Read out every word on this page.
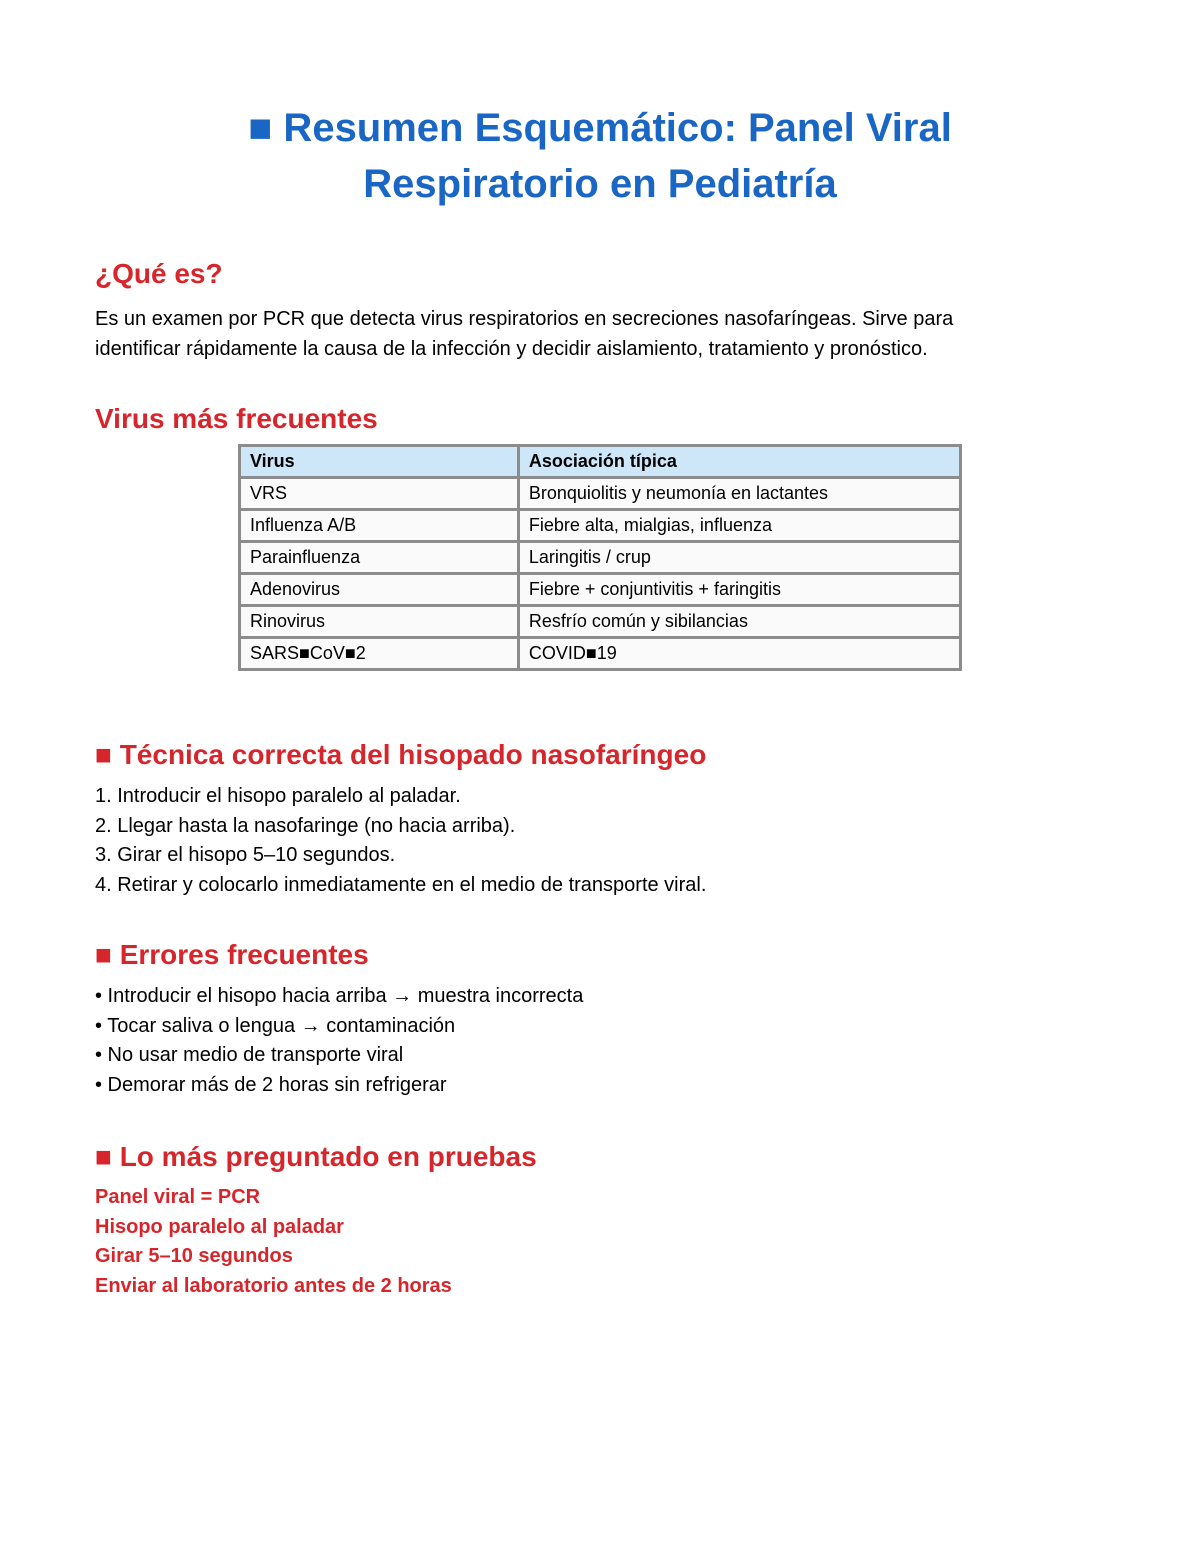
■ Resumen Esquemático: Panel Viral
Respiratorio en Pediatría
¿Qué es?
Es un examen por PCR que detecta virus respiratorios en secreciones nasofaríngeas. Sirve para
identificar rápidamente la causa de la infección y decidir aislamiento, tratamiento y pronóstico.
Virus más frecuentes
Virus	Asociación típica
VRS	Bronquiolitis y neumonía en lactantes
Influenza A/B	Fiebre alta, mialgias, influenza
Parainfluenza	Laringitis / crup
Adenovirus	Fiebre + conjuntivitis + faringitis
Rinovirus	Resfrío común y sibilancias
SARS■CoV■2	COVID■19
■ Técnica correcta del hisopado nasofaríngeo
1. Introducir el hisopo paralelo al paladar.
2. Llegar hasta la nasofaringe (no hacia arriba).
3. Girar el hisopo 5–10 segundos.
4. Retirar y colocarlo inmediatamente en el medio de transporte viral.
■ Errores frecuentes
• Introducir el hisopo hacia arriba → muestra incorrecta
• Tocar saliva o lengua → contaminación
• No usar medio de transporte viral
• Demorar más de 2 horas sin refrigerar
■ Lo más preguntado en pruebas
Panel viral = PCR
Hisopo paralelo al paladar
Girar 5–10 segundos
Enviar al laboratorio antes de 2 horas
